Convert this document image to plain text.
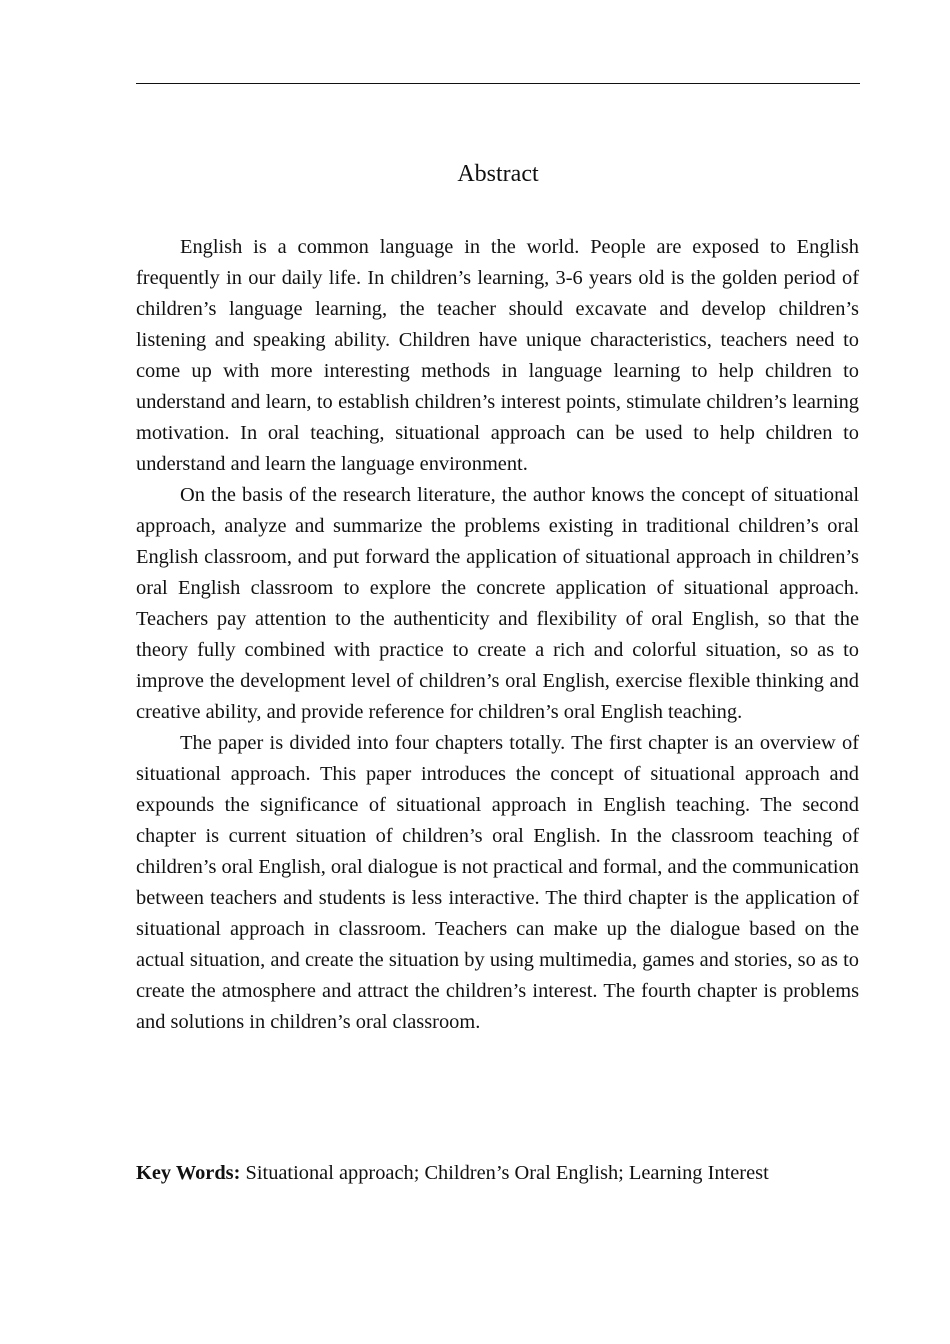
Abstract

English is a common language in the world. People are exposed to English frequently in our daily life. In children’s learning, 3-6 years old is the golden period of children’s language learning, the teacher should excavate and develop children’s listening and speaking ability. Children have unique characteristics, teachers need to come up with more interesting methods in language learning to help children to understand and learn, to establish children’s interest points, stimulate children’s learning motivation. In oral teaching, situational approach can be used to help children to understand and learn the language environment.

On the basis of the research literature, the author knows the concept of situational approach, analyze and summarize the problems existing in traditional children’s oral English classroom, and put forward the application of situational approach in children’s oral English classroom to explore the concrete application of situational approach. Teachers pay attention to the authenticity and flexibility of oral English, so that the theory fully combined with practice to create a rich and colorful situation, so as to improve the development level of children’s oral English, exercise flexible thinking and creative ability, and provide reference for children’s oral English teaching.

The paper is divided into four chapters totally. The first chapter is an overview of situational approach. This paper introduces the concept of situational approach and expounds the significance of situational approach in English teaching. The second chapter is current situation of children’s oral English. In the classroom teaching of children’s oral English, oral dialogue is not practical and formal, and the communication between teachers and students is less interactive. The third chapter is the application of situational approach in classroom. Teachers can make up the dialogue based on the actual situation, and create the situation by using multimedia, games and stories, so as to create the atmosphere and attract the children’s interest. The fourth chapter is problems and solutions in children’s oral classroom.

Key Words: Situational approach; Children’s Oral English; Learning Interest
